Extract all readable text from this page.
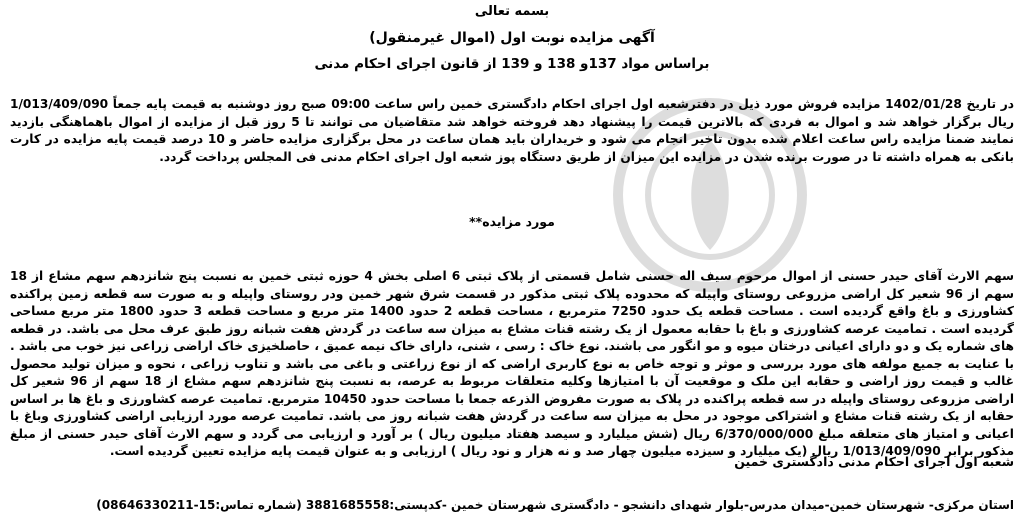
بسمه تعالی
آگهی مزایده نوبت اول (اموال غیرمنقول)
براساس مواد 137و 138 و 139 از قانون اجرای احکام مدنی
در تاریخ 1402/01/28 مزایده فروش مورد ذیل در دفترشعبه اول اجرای احکام دادگستری خمین راس ساعت 09:00 صبح روز دوشنبه به قیمت پایه جمعاً 1/013/409/090 ریال برگزار خواهد شد و اموال به فردی که بالاترین قیمت را پیشنهاد دهد فروخته خواهد شد متقاضیان می توانند تا 5 روز قبل از مزایده از اموال باهماهنگی بازدید نمایند ضمنا مزایده راس ساعت اعلام شده بدون تاخیر انجام می شود و خریداران باید همان ساعت در محل برگزاری مزایده حاضر و 10 درصد قیمت پایه مزایده در کارت بانکی به همراه داشته تا در صورت برنده شدن در مزایده این میزان از طریق دستگاه پوز شعبه اول اجرای احکام مدنی فی المجلس پرداخت گردد.
مورد مزایده**
سهم الارث آقای حیدر حسنی از اموال مرحوم سیف اله حسنی شامل قسمتی از پلاک ثبتی 6 اصلی بخش 4 حوزه ثبتی خمین به نسبت پنج شانزدهم سهم مشاع از 18 سهم از 96 شعیر کل اراضی مزروعی روستای واپیله که محدوده پلاک ثبتی مذکور در قسمت شرق شهر خمین ودر روستای واپیله و به صورت سه قطعه زمین پراکنده کشاورزی و باغ واقع گردیده است . مساحت قطعه یک حدود 7250 مترمربع ، مساحت قطعه 2 حدود 1400 متر مربع و مساحت قطعه 3 حدود 1800 متر مربع مساحی گردیده است . تمامیت عرصه کشاورزی و باغ با حقابه معمول از یک رشته قنات مشاع به میزان سه ساعت در گردش هفت شبانه روز طبق عرف محل می باشد. در قطعه های شماره یک و دو دارای اعیانی درختان میوه و مو انگور می باشند. نوع خاک : رسی ، شنی، دارای خاک نیمه عمیق ، حاصلخیزی خاک اراضی زراعی نیز خوب می باشد . با عنایت به جمیع مولفه های مورد بررسی و موثر و توجه خاص به نوع کاربری اراضی که از نوع زراعتی و باغی می باشد و تناوب زراعی ، نحوه و میزان تولید محصول غالب و قیمت روز اراضی و حقابه این ملک و موقعیت آن با امتیازها وکلیه متعلقات مربوط به عرصه، به نسبت پنج شانزدهم سهم مشاع از 18 سهم از 96 شعیر کل اراضی مزروعی روستای واپیله در سه قطعه پراکنده در پلاک به صورت مفروض الذرعه جمعا با مساحت حدود 10450 مترمربع. تمامیت عرصه کشاورزی و باغ ها بر اساس حقابه از یک رشته قنات مشاع و اشتراکی موجود در محل به میزان سه ساعت در گردش هفت شبانه روز می باشد. تمامیت عرصه مورد ارزیابی اراضی کشاورزی وباغ با اعیانی و امتیاز های متعلقه مبلغ 6/370/000/000 ریال (شش میلیارد و سیصد هفتاد میلیون ریال ) بر آورد و ارزیابی می گردد و سهم الارث آقای حیدر حسنی از مبلغ مذکور برابر 1/013/409/090 ریال (یک میلیارد و سیزده میلیون چهار صد و نه هزار و نود ریال ) ارزیابی و به عنوان قیمت پایه مزایده تعیین گردیده است.
شعبه اول اجرای احکام مدنی دادگستری خمین
استان مرکزی- شهرستان خمین-میدان مدرس-بلوار شهدای دانشجو - دادگستری شهرستان خمین -کدپستی:3881685558 (شماره تماس:15-08646330211)
